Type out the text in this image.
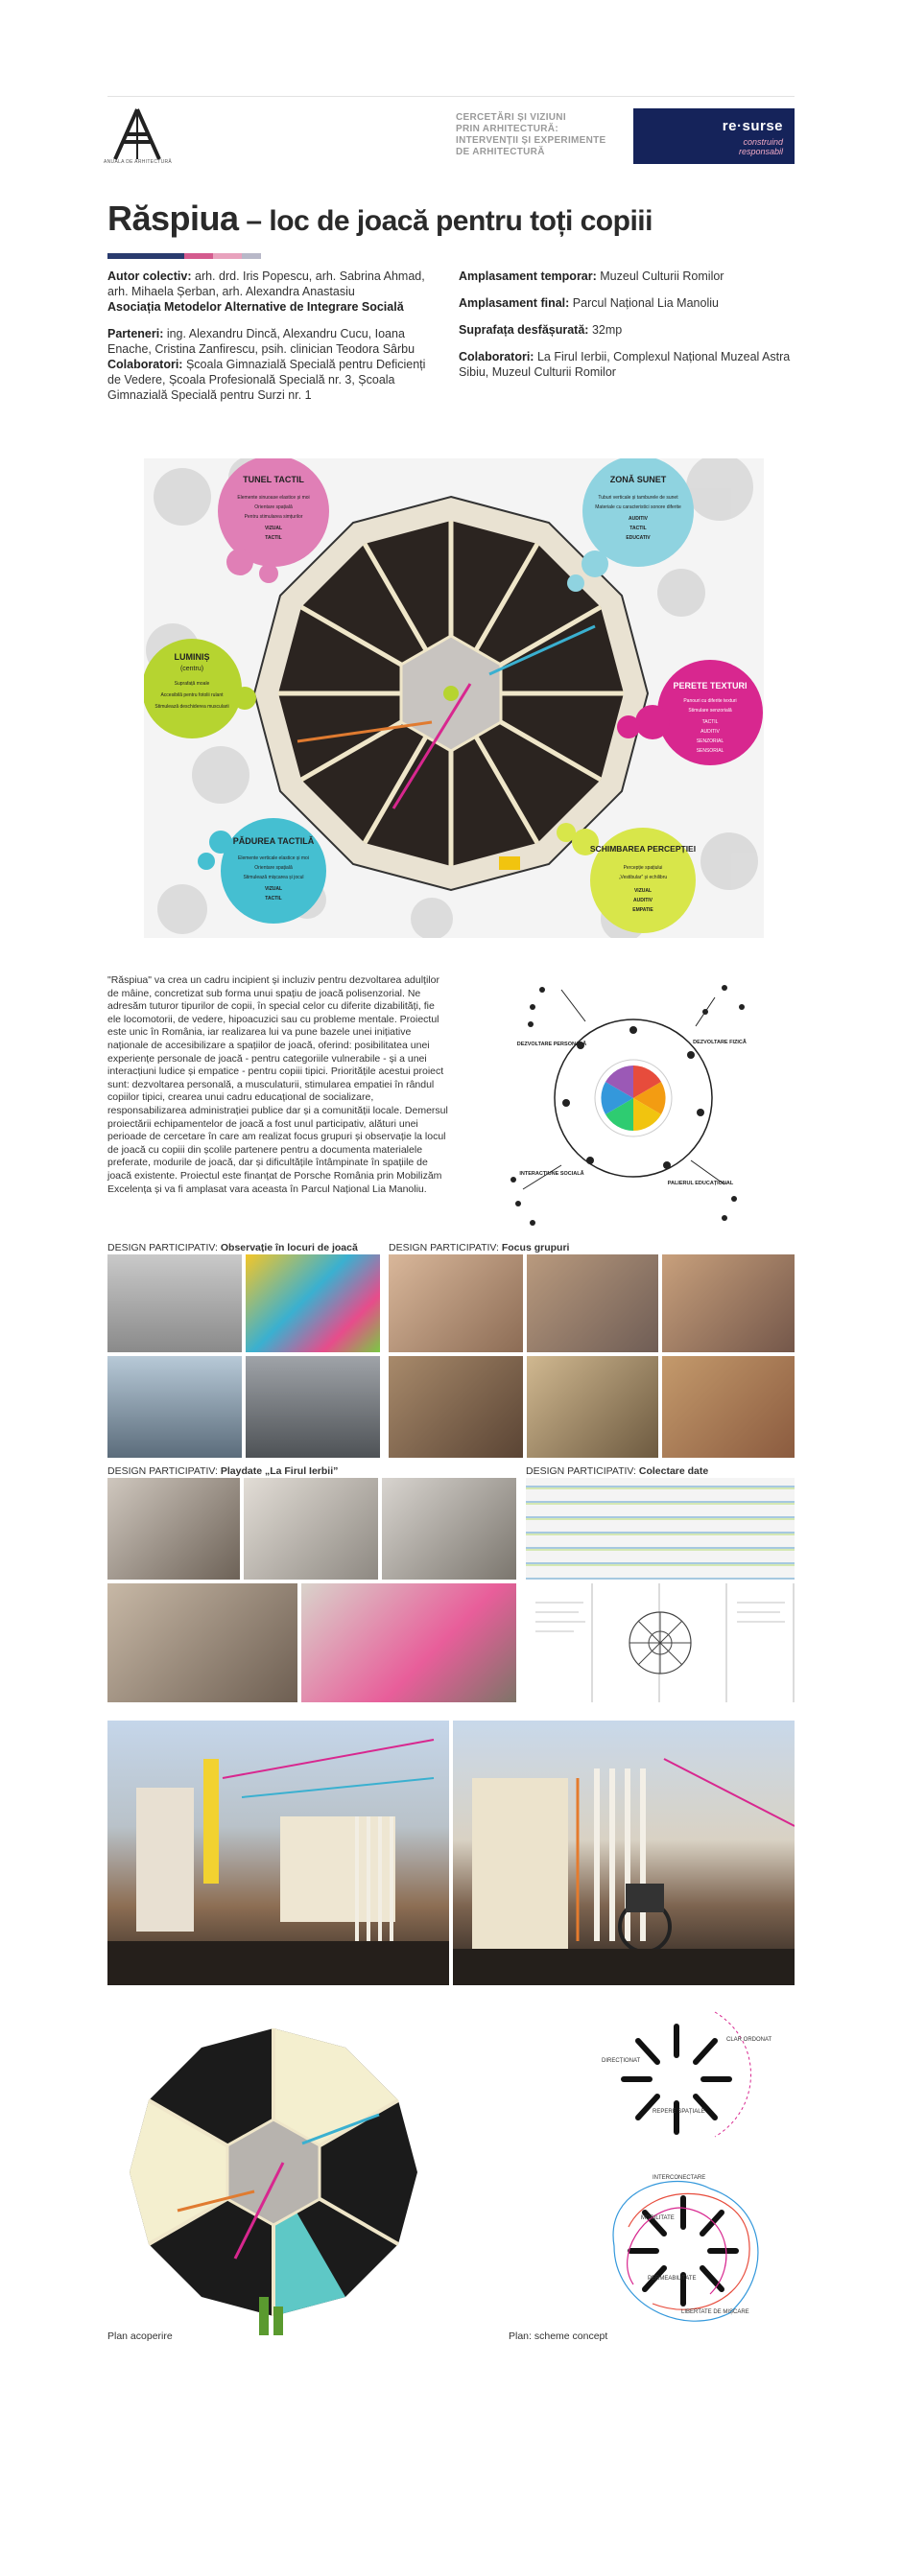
ANUALA DE ARHITECTURĂ
CERCETĂRI ȘI VIZIUNI
PRIN ARHITECTURĂ:
INTERVENȚII ȘI EXPERIMENTE
DE ARHITECTURĂ
re·surse
construind
responsabil
Răspiua – loc de joacă pentru toți copiii

Autor colectiv: arh. drd. Iris Popescu, arh. Sabrina Ahmad, arh. Mihaela Șerban, arh. Alexandra Anastasiu
Asociația Metodelor Alternative de Integrare Socială

Parteneri: ing. Alexandru Dincă, Alexandru Cucu, Ioana Enache, Cristina Zanfirescu, psih. clinician Teodora Sârbu
Colaboratori: Școala Gimnazială Specială pentru Deficienți de Vedere, Școala Profesională Specială nr. 3, Școala Gimnazială Specială pentru Surzi nr. 1

Amplasament temporar: Muzeul Culturii Romilor

Amplasament final: Parcul Național Lia Manoliu

Suprafața desfășurată: 32mp

Colaboratori: La Firul Ierbii, Complexul Național Muzeal Astra Sibiu, Muzeul Culturii Romilor

TUNEL TACTIL
Elemente sinuoase elastice și moi
Orientare spațială
Pentru stimularea simțurilor
VIZUAL
TACTIL
ZONĂ SUNET
Tuburi verticale și tamburele de sunet
Materiale cu caracteristici sonore diferite
AUDITIV
TACTIL
EDUCATIV
LUMINIȘ
(centru)
Suprafață moale
Accesibilă pentru fotolii rulant
Stimulează deschiderea muscularii
PERETE TEXTURI
Panouri cu diferite texturi
Stimulare senzorială
TACTIL
AUDITIV
SENZORIAL
SENSORIAL
PĂDUREA TACTILĂ
Elemente verticale elastice și moi
Orientare spațială
Stimulează mișcarea și jocul
VIZUAL
TACTIL
SCHIMBAREA PERCEPȚIEI
Percepție spațiului
„Vestibular” și echilibru
VIZUAL
AUDITIV
EMPATIE
"Răspiua" va crea un cadru incipient și incluziv pentru dezvoltarea adulților de mâine, concretizat sub forma unui spațiu de joacă polisenzorial. Ne adresăm tuturor tipurilor de copii, în special celor cu diferite dizabilități, fie ele locomotorii, de vedere, hipoacuzici sau cu probleme mentale. Proiectul este unic în România, iar realizarea lui va pune bazele unei inițiative naționale de accesibilizare a spațiilor de joacă, oferind: posibilitatea unei experiențe personale de joacă - pentru categoriile vulnerabile - și a unei interacțiuni ludice și empatice - pentru copiii tipici. Prioritățile acestui proiect sunt: dezvoltarea personală, a musculaturii, stimularea empatiei în rândul copiilor tipici, crearea unui cadru educațional de socializare, responsabilizarea administrației publice dar și a comunității locale. Demersul proiectării echipamentelor de joacă a fost unul participativ, alături unei perioade de cercetare în care am realizat focus grupuri și observație la locul de joacă cu copiii din școlile partenere pentru a documenta materialele preferate, modurile de joacă, dar și dificultățile întâmpinate în spațiile de joacă existente. Proiectul este finanțat de Porsche România prin Mobilizăm Excelența și va fi amplasat vara aceasta în Parcul Național Lia Manoliu.
DEZVOLTARE PERSONALĂ	DEZVOLTARE FIZICĂ
INTERACȚIUNE SOCIALĂ
PALIERUL EDUCAȚIONAL
DESIGN PARTICIPATIV: Observație în locuri de joacă	DESIGN PARTICIPATIV: Focus grupuri
DESIGN PARTICIPATIV: Playdate „La Firul Ierbii”	DESIGN PARTICIPATIV: Colectare date
Plan acoperire
CLAR ORDONAT
DIRECȚIONAT
REPERE SPAȚIALE
INTERCONECTARE
MOBILITATE
PERMEABILITATE
LIBERTATE DE MIȘCARE
Plan: scheme concept
